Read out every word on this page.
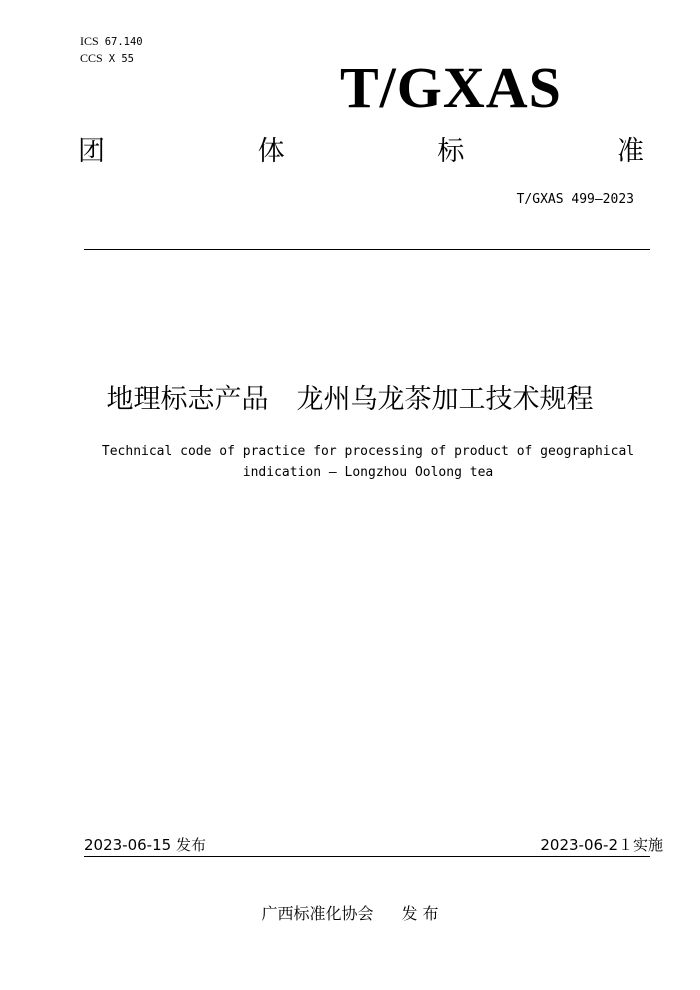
ICS 67.140
CCS X 55	T/GXAS
团	体	标	准
T/GXAS 499—2023
地理标志产品 龙州乌龙茶加工技术规程
Technical code of practice for processing of product of geographical indication — Longzhou Oolong tea
2023-06-15 发布	2023-06-2１实施
广西标准化协会 发 布
